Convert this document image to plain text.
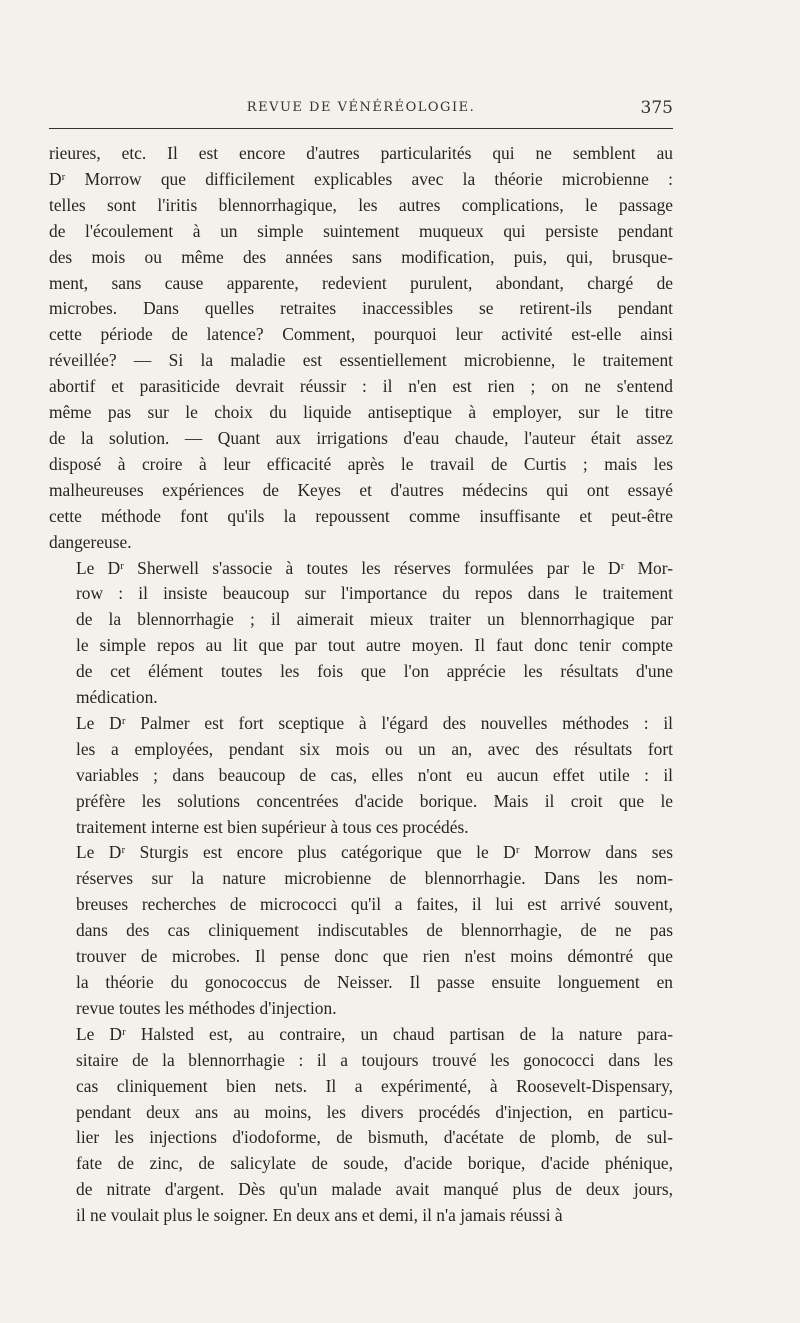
REVUE DE VÉNÉRÉOLOGIE.	375

rieures, etc. Il est encore d'autres particularités qui ne semblent au
Dʳ Morrow que difficilement explicables avec la théorie microbienne :
telles sont l'iritis blennorrhagique, les autres complications, le passage
de l'écoulement à un simple suintement muqueux qui persiste pendant
des mois ou même des années sans modification, puis, qui, brusque-
ment, sans cause apparente, redevient purulent, abondant, chargé de
microbes. Dans quelles retraites inaccessibles se retirent-ils pendant
cette période de latence? Comment, pourquoi leur activité est-elle ainsi
réveillée? — Si la maladie est essentiellement microbienne, le traitement
abortif et parasiticide devrait réussir : il n'en est rien ; on ne s'entend
même pas sur le choix du liquide antiseptique à employer, sur le titre
de la solution. — Quant aux irrigations d'eau chaude, l'auteur était assez
disposé à croire à leur efficacité après le travail de Curtis ; mais les
malheureuses expériences de Keyes et d'autres médecins qui ont essayé
cette méthode font qu'ils la repoussent comme insuffisante et peut-être
dangereuse.

Le Dʳ Sherwell s'associe à toutes les réserves formulées par le Dʳ Mor-
row : il insiste beaucoup sur l'importance du repos dans le traitement
de la blennorrhagie ; il aimerait mieux traiter un blennorrhagique par
le simple repos au lit que par tout autre moyen. Il faut donc tenir compte
de cet élément toutes les fois que l'on apprécie les résultats d'une
médication.

Le Dʳ Palmer est fort sceptique à l'égard des nouvelles méthodes : il
les a employées, pendant six mois ou un an, avec des résultats fort
variables ; dans beaucoup de cas, elles n'ont eu aucun effet utile : il
préfère les solutions concentrées d'acide borique. Mais il croit que le
traitement interne est bien supérieur à tous ces procédés.

Le Dʳ Sturgis est encore plus catégorique que le Dʳ Morrow dans ses
réserves sur la nature microbienne de blennorrhagie. Dans les nom-
breuses recherches de micrococci qu'il a faites, il lui est arrivé souvent,
dans des cas cliniquement indiscutables de blennorrhagie, de ne pas
trouver de microbes. Il pense donc que rien n'est moins démontré que
la théorie du gonococcus de Neisser. Il passe ensuite longuement en
revue toutes les méthodes d'injection.

Le Dʳ Halsted est, au contraire, un chaud partisan de la nature para-
sitaire de la blennorrhagie : il a toujours trouvé les gonococci dans les
cas cliniquement bien nets. Il a expérimenté, à Roosevelt-Dispensary,
pendant deux ans au moins, les divers procédés d'injection, en particu-
lier les injections d'iodoforme, de bismuth, d'acétate de plomb, de sul-
fate de zinc, de salicylate de soude, d'acide borique, d'acide phénique,
de nitrate d'argent. Dès qu'un malade avait manqué plus de deux jours,
il ne voulait plus le soigner. En deux ans et demi, il n'a jamais réussi à
